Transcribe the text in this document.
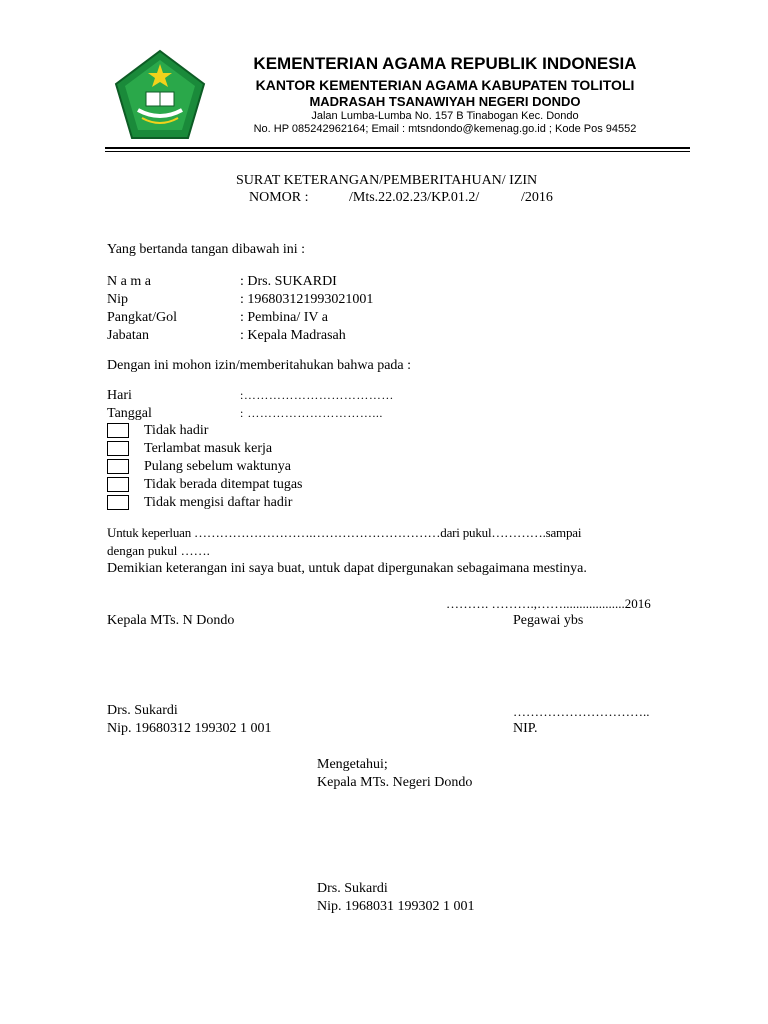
KEMENTERIAN AGAMA REPUBLIK INDONESIA
KANTOR KEMENTERIAN AGAMA KABUPATEN TOLITOLI
MADRASAH TSANAWIYAH NEGERI DONDO
Jalan Lumba-Lumba No. 157 B Tinabogan Kec. Dondo
No. HP 085242962164; Email : mtsndondo@kemenag.go.id ; Kode Pos 94552
SURAT KETERANGAN/PEMBERITAHUAN/ IZIN
NOMOR :	/Mts.22.02.23/KP.01.2/	/2016
Yang bertanda tangan dibawah ini :
N a m a	: Drs. SUKARDI
Nip	: 196803121993021001
Pangkat/Gol	: Pembina/ IV a
Jabatan	: Kepala Madrasah
Dengan ini mohon izin/memberitahukan bahwa pada :
Hari	:………………………………
Tanggal	: …………………………...
Tidak hadir
Terlambat masuk kerja
Pulang sebelum waktunya
Tidak berada ditempat tugas
Tidak mengisi daftar hadir
Untuk keperluan ……………………….…………………………dari pukul………….sampai
dengan pukul …….
Demikian keterangan ini saya buat, untuk dapat dipergunakan sebagaimana mestinya.
………. ……….,……...................2016
Kepala MTs. N Dondo	Pegawai ybs
Drs. Sukardi
Nip. 19680312 199302 1 001
…………………………..
NIP.
Mengetahui;
Kepala MTs. Negeri Dondo
Drs. Sukardi
Nip. 1968031 199302 1 001
